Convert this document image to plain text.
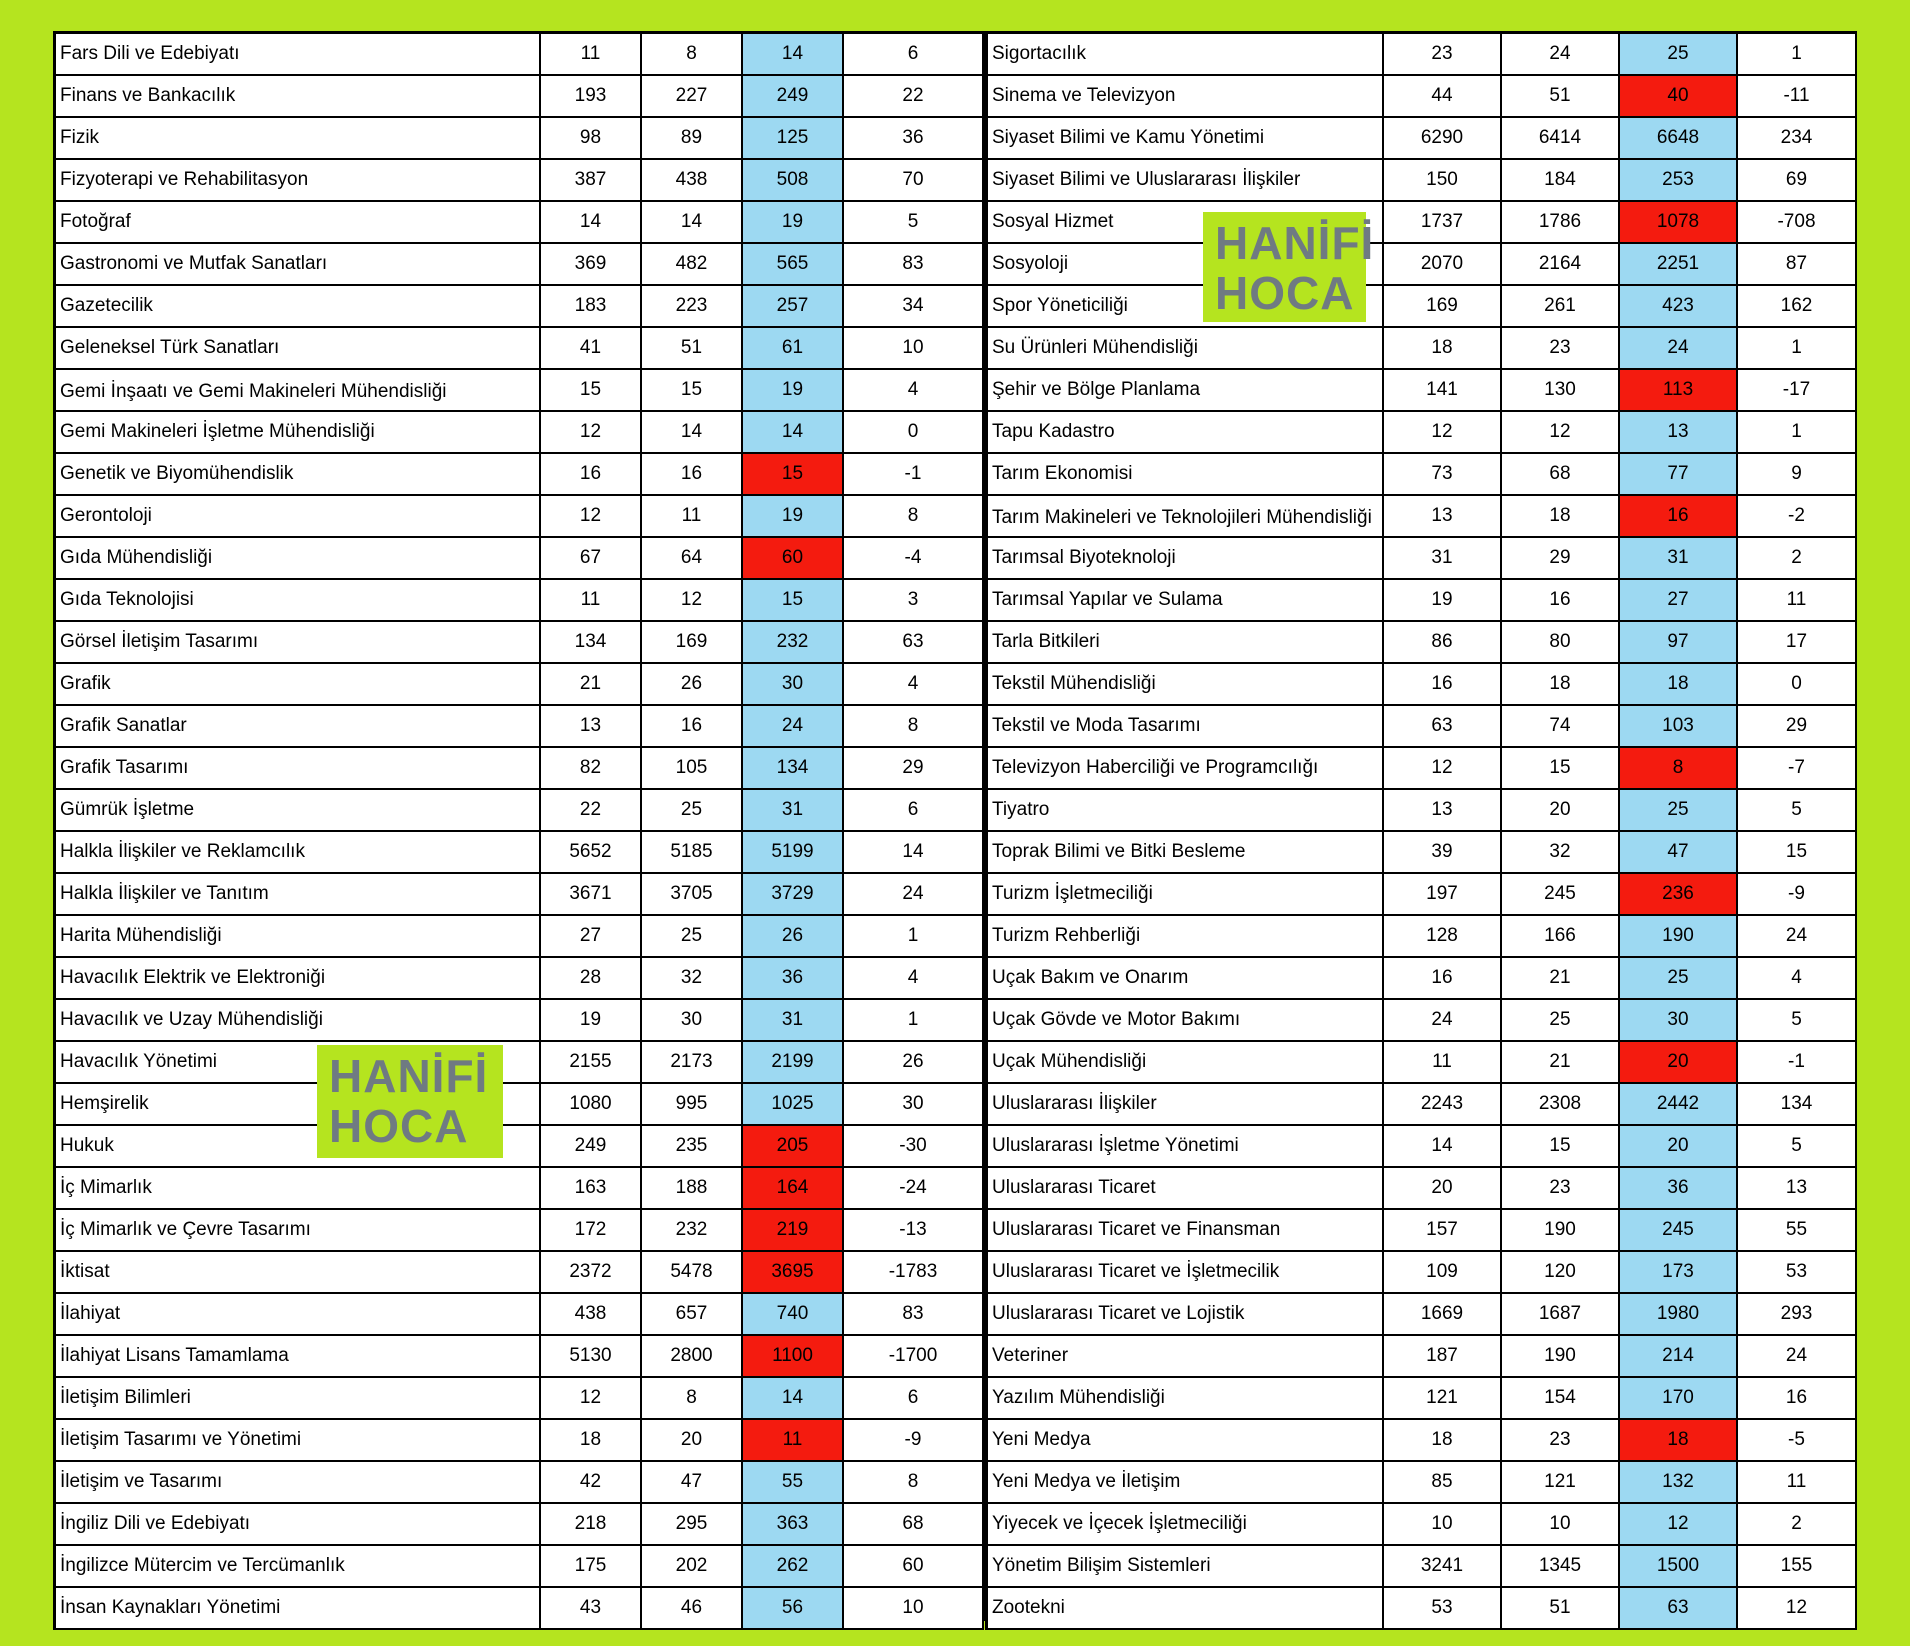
Fars Dili ve Edebiyatı	11	8	14	6
Finans ve Bankacılık	193	227	249	22
Fizik	98	89	125	36
Fizyoterapi ve Rehabilitasyon	387	438	508	70
Fotoğraf	14	14	19	5
Gastronomi ve Mutfak Sanatları	369	482	565	83
Gazetecilik	183	223	257	34
Geleneksel Türk Sanatları	41	51	61	10

Gemi İnşaatı ve Gemi Makineleri Mühendisliği	15	15	19	4
Gemi Makineleri İşletme Mühendisliği	12	14	14	0
Genetik ve Biyomühendislik	16	16	15	-1
Gerontoloji	12	11	19	8
Gıda Mühendisliği	67	64	60	-4
Gıda Teknolojisi	11	12	15	3
Görsel İletişim Tasarımı	134	169	232	63
Grafik	21	26	30	4
Grafik Sanatlar	13	16	24	8
Grafik Tasarımı	82	105	134	29
Gümrük İşletme	22	25	31	6
Halkla İlişkiler ve Reklamcılık	5652	5185	5199	14
Halkla İlişkiler ve Tanıtım	3671	3705	3729	24
Harita Mühendisliği	27	25	26	1
Havacılık Elektrik ve Elektroniği	28	32	36	4
Havacılık ve Uzay Mühendisliği	19	30	31	1
Havacılık Yönetimi	2155	2173	2199	26
Hemşirelik	1080	995	1025	30
Hukuk	249	235	205	-30
İç Mimarlık	163	188	164	-24
İç Mimarlık ve Çevre Tasarımı	172	232	219	-13
İktisat	2372	5478	3695	-1783
İlahiyat	438	657	740	83
İlahiyat Lisans Tamamlama	5130	2800	1100	-1700
İletişim Bilimleri	12	8	14	6
İletişim Tasarımı ve Yönetimi	18	20	11	-9
İletişim ve Tasarımı	42	47	55	8
İngiliz Dili ve Edebiyatı	218	295	363	68
İngilizce Mütercim ve Tercümanlık	175	202	262	60
İnsan Kaynakları Yönetimi	43	46	56	10
Sigortacılık	23	24	25	1
Sinema ve Televizyon	44	51	40	-11
Siyaset Bilimi ve Kamu Yönetimi	6290	6414	6648	234
Siyaset Bilimi ve Uluslararası İlişkiler	150	184	253	69
Sosyal Hizmet	1737	1786	1078	-708
Sosyoloji	2070	2164	2251	87
Spor Yöneticiliği	169	261	423	162
Su Ürünleri Mühendisliği	18	23	24	1
Şehir ve Bölge Planlama	141	130	113	-17
Tapu Kadastro	12	12	13	1
Tarım Ekonomisi	73	68	77	9

Tarım Makineleri ve Teknolojileri Mühendisliği	13	18	16	-2
Tarımsal Biyoteknoloji	31	29	31	2
Tarımsal Yapılar ve Sulama	19	16	27	11
Tarla Bitkileri	86	80	97	17
Tekstil Mühendisliği	16	18	18	0
Tekstil ve Moda Tasarımı	63	74	103	29
Televizyon Haberciliği ve Programcılığı	12	15	8	-7
Tiyatro	13	20	25	5
Toprak Bilimi ve Bitki Besleme	39	32	47	15
Turizm İşletmeciliği	197	245	236	-9
Turizm Rehberliği	128	166	190	24
Uçak Bakım ve Onarım	16	21	25	4
Uçak Gövde ve Motor Bakımı	24	25	30	5
Uçak Mühendisliği	11	21	20	-1
Uluslararası İlişkiler	2243	2308	2442	134
Uluslararası İşletme Yönetimi	14	15	20	5
Uluslararası Ticaret	20	23	36	13
Uluslararası Ticaret ve Finansman	157	190	245	55
Uluslararası Ticaret ve İşletmecilik	109	120	173	53
Uluslararası Ticaret ve Lojistik	1669	1687	1980	293
Veteriner	187	190	214	24
Yazılım Mühendisliği	121	154	170	16
Yeni Medya	18	23	18	-5
Yeni Medya ve İletişim	85	121	132	11
Yiyecek ve İçecek İşletmeciliği	10	10	12	2
Yönetim Bilişim Sistemleri	3241	1345	1500	155
Zootekni	53	51	63	12
HANİFİ
HOCA
HANİFİ
HOCA
